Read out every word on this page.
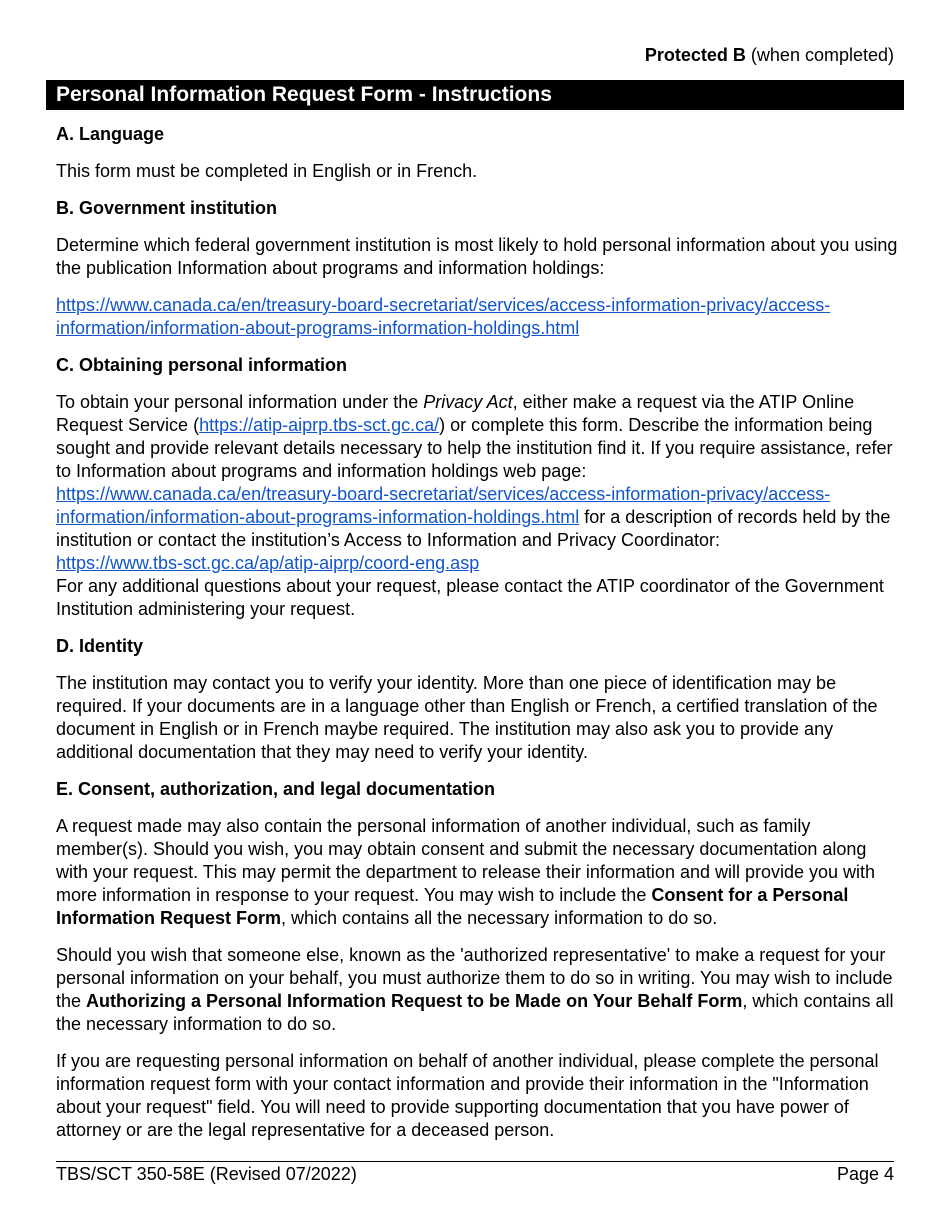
Protected B (when completed)
Personal Information Request Form - Instructions
A. Language

This form must be completed in English or in French.

B. Government institution

Determine which federal government institution is most likely to hold personal information about you using the publication Information about programs and information holdings:

https://www.canada.ca/en/treasury-board-secretariat/services/access-information-privacy/access-
information/information-about-programs-information-holdings.html

C. Obtaining personal information

To obtain your personal information under the Privacy Act, either make a request via the ATIP Online Request Service (https://atip-aiprp.tbs-sct.gc.ca/) or complete this form. Describe the information being sought and provide relevant details necessary to help the institution find it. If you require assistance, refer to Information about programs and information holdings web page:
https://www.canada.ca/en/treasury-board-secretariat/services/access-information-privacy/access-
information/information-about-programs-information-holdings.html for a description of records held by the institution or contact the institution’s Access to Information and Privacy Coordinator:
https://www.tbs-sct.gc.ca/ap/atip-aiprp/coord-eng.asp
For any additional questions about your request, please contact the ATIP coordinator of the Government Institution administering your request.

D. Identity

The institution may contact you to verify your identity. More than one piece of identification may be required. If your documents are in a language other than English or French, a certified translation of the document in English or in French maybe required. The institution may also ask you to provide any additional documentation that they may need to verify your identity.

E. Consent, authorization, and legal documentation

A request made may also contain the personal information of another individual, such as family member(s). Should you wish, you may obtain consent and submit the necessary documentation along with your request. This may permit the department to release their information and will provide you with more information in response to your request. You may wish to include the Consent for a Personal Information Request Form, which contains all the necessary information to do so.

Should you wish that someone else, known as the 'authorized representative' to make a request for your personal information on your behalf, you must authorize them to do so in writing. You may wish to include the Authorizing a Personal Information Request to be Made on Your Behalf Form, which contains all the necessary information to do so.

If you are requesting personal information on behalf of another individual, please complete the personal information request form with your contact information and provide their information in the "Information about your request" field. You will need to provide supporting documentation that you have power of attorney or are the legal representative for a deceased person.

TBS/SCT 350-58E (Revised 07/2022)	Page 4
